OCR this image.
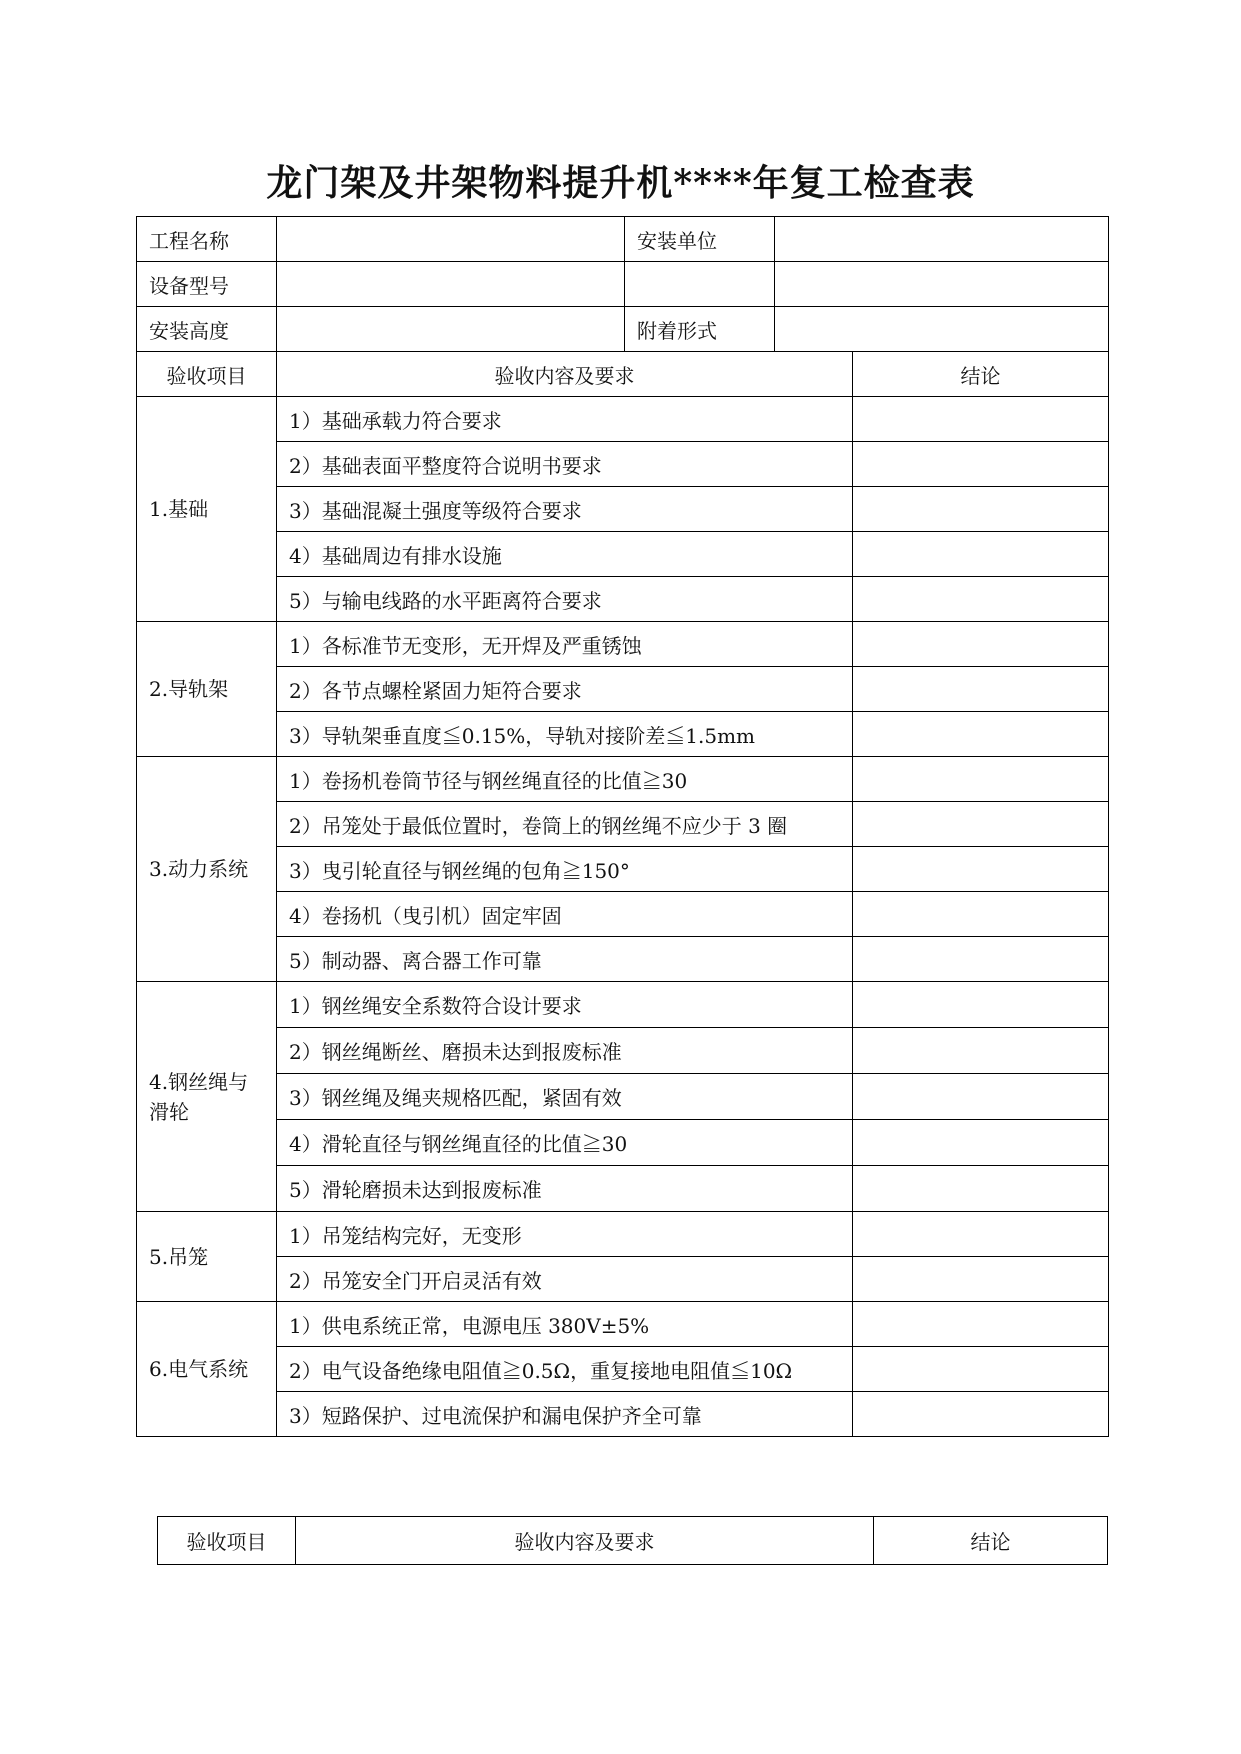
龙门架及井架物料提升机****年复工检查表
工程名称		安装单位		
设备型号				
安装高度		附着形式		
验收项目	验收内容及要求			结论
1.基础	1）基础承载力符合要求			
	2）基础表面平整度符合说明书要求			
	3）基础混凝土强度等级符合要求			
	4）基础周边有排水设施			
	5）与输电线路的水平距离符合要求			
2.导轨架	1）各标准节无变形，无开焊及严重锈蚀			
	2）各节点螺栓紧固力矩符合要求			
	3）导轨架垂直度≦0.15%，导轨对接阶差≦1.5mm			
3.动力系统	1）卷扬机卷筒节径与钢丝绳直径的比值≧30			
	2）吊笼处于最低位置时，卷筒上的钢丝绳不应少于 3 圈			
	3）曳引轮直径与钢丝绳的包角≧150°			
	4）卷扬机（曳引机）固定牢固			
	5）制动器、离合器工作可靠			
4.钢丝绳与滑轮	1）钢丝绳安全系数符合设计要求			
	2）钢丝绳断丝、磨损未达到报废标准			
	3）钢丝绳及绳夹规格匹配，紧固有效			
	4）滑轮直径与钢丝绳直径的比值≧30			
	5）滑轮磨损未达到报废标准			
5.吊笼	1）吊笼结构完好，无变形			
	2）吊笼安全门开启灵活有效			
6.电气系统	1）供电系统正常，电源电压 380V±5%			
	2）电气设备绝缘电阻值≧0.5Ω，重复接地电阻值≦10Ω			
	3）短路保护、过电流保护和漏电保护齐全可靠			
验收项目	验收内容及要求	结论
